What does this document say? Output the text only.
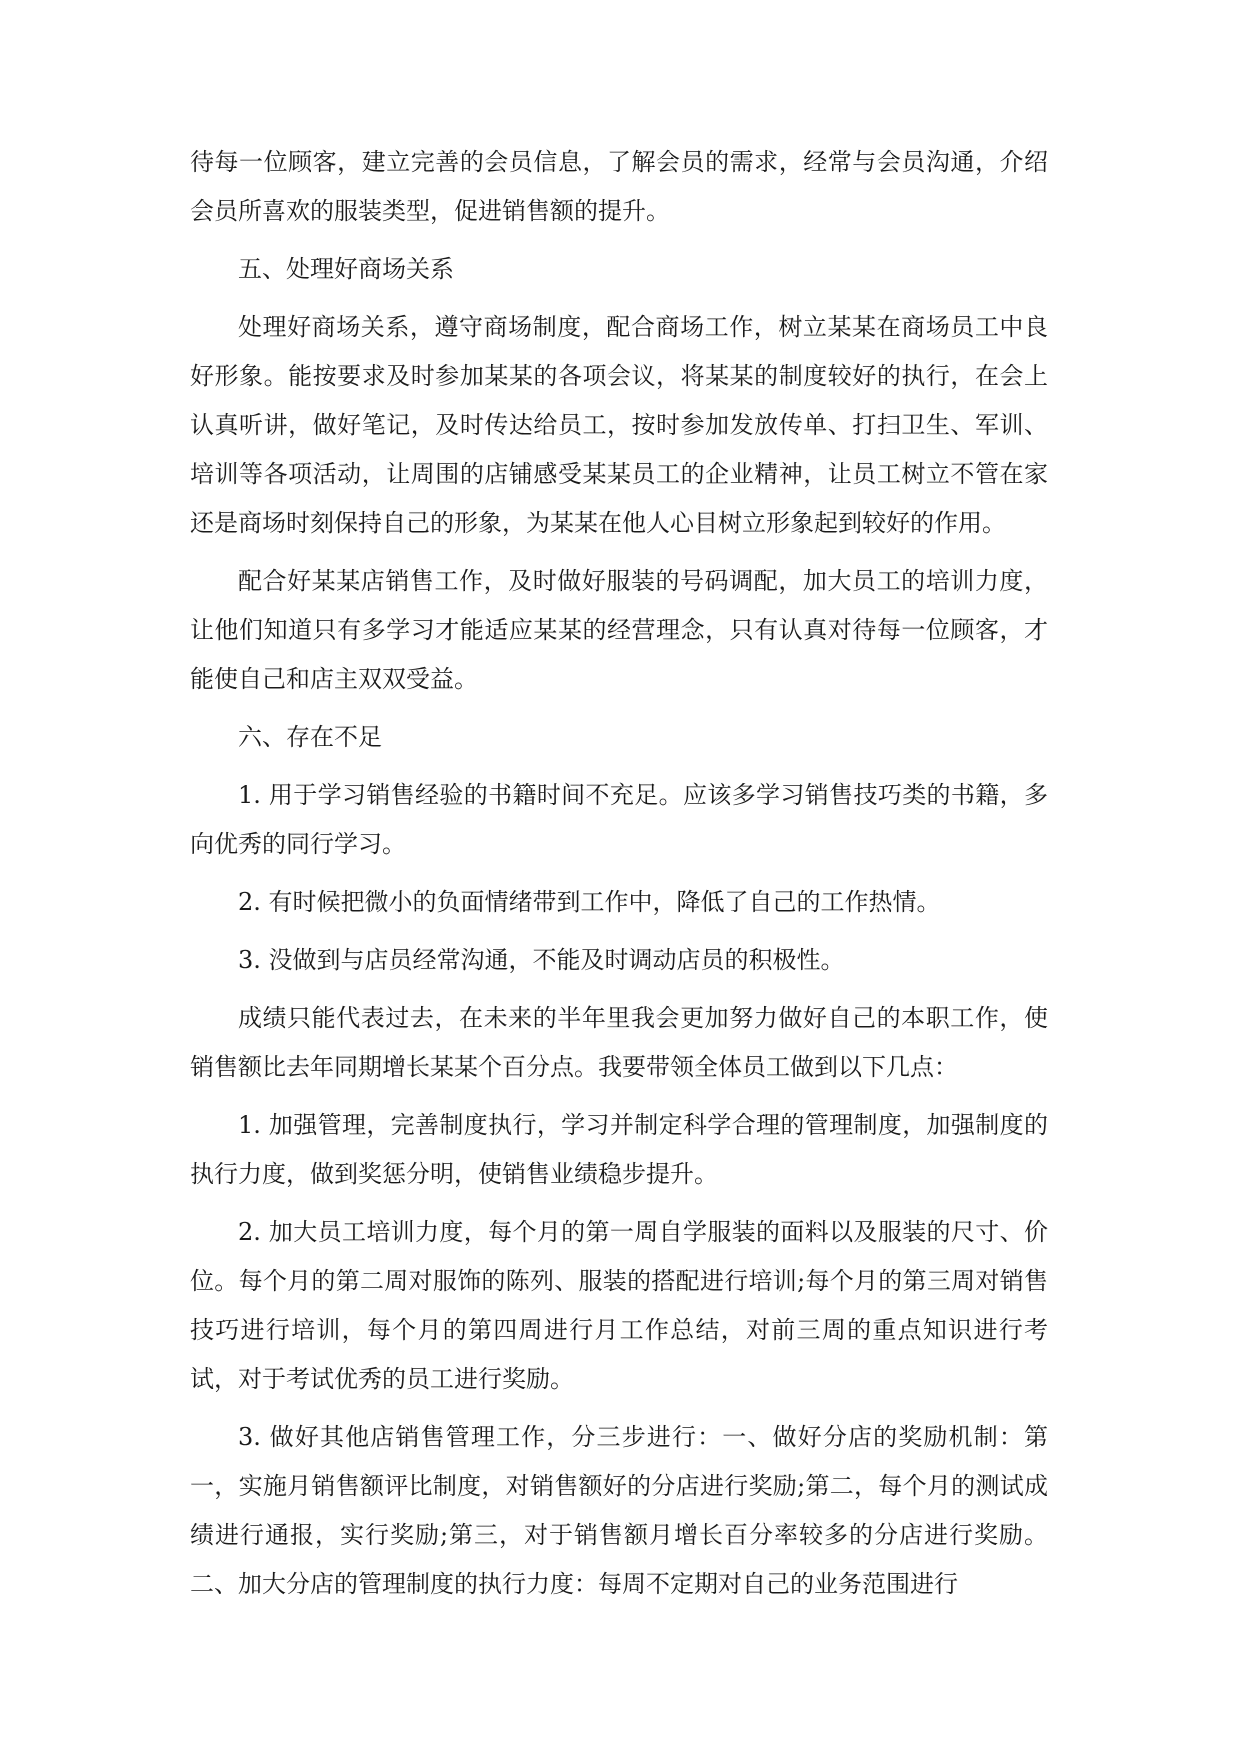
待每一位顾客，建立完善的会员信息，了解会员的需求，经常与会员沟通，介绍会员所喜欢的服装类型，促进销售额的提升。

五、处理好商场关系

处理好商场关系，遵守商场制度，配合商场工作，树立某某在商场员工中良好形象。能按要求及时参加某某的各项会议，将某某的制度较好的执行，在会上认真听讲，做好笔记，及时传达给员工，按时参加发放传单、打扫卫生、军训、培训等各项活动，让周围的店铺感受某某员工的企业精神，让员工树立不管在家还是商场时刻保持自己的形象，为某某在他人心目树立形象起到较好的作用。

配合好某某店销售工作，及时做好服装的号码调配，加大员工的培训力度，让他们知道只有多学习才能适应某某的经营理念，只有认真对待每一位顾客，才能使自己和店主双双受益。

六、存在不足

1. 用于学习销售经验的书籍时间不充足。应该多学习销售技巧类的书籍，多向优秀的同行学习。

2. 有时候把微小的负面情绪带到工作中，降低了自己的工作热情。

3. 没做到与店员经常沟通，不能及时调动店员的积极性。

成绩只能代表过去，在未来的半年里我会更加努力做好自己的本职工作，使销售额比去年同期增长某某个百分点。我要带领全体员工做到以下几点：

1. 加强管理，完善制度执行，学习并制定科学合理的管理制度，加强制度的执行力度，做到奖惩分明，使销售业绩稳步提升。

2. 加大员工培训力度，每个月的第一周自学服装的面料以及服装的尺寸、价位。每个月的第二周对服饰的陈列、服装的搭配进行培训;每个月的第三周对销售技巧进行培训，每个月的第四周进行月工作总结，对前三周的重点知识进行考试，对于考试优秀的员工进行奖励。

3. 做好其他店销售管理工作，分三步进行：一、做好分店的奖励机制：第一，实施月销售额评比制度，对销售额好的分店进行奖励;第二，每个月的测试成绩进行通报，实行奖励;第三，对于销售额月增长百分率较多的分店进行奖励。二、加大分店的管理制度的执行力度：每周不定期对自己的业务范围进行
